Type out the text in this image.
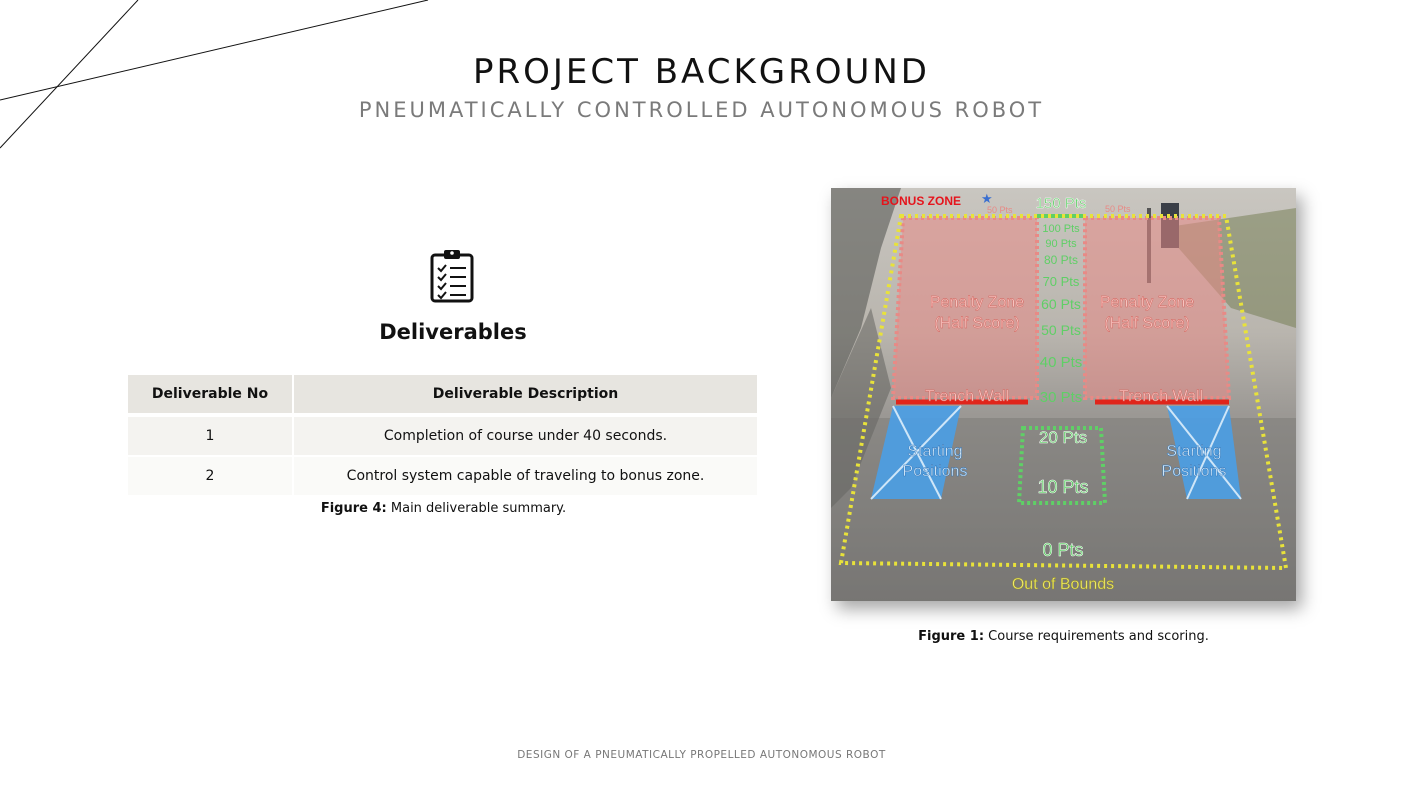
PROJECT BACKGROUND
PNEUMATICALLY CONTROLLED AUTONOMOUS ROBOT
Deliverables
Deliverable No	Deliverable Description
1	Completion of course under 40 seconds.
2	Control system capable of traveling to bonus zone.
Figure 4: Main deliverable summary.
BONUS ZONE ★
50 Pts	50 Pts
150 Pts
100 Pts
90 Pts
80 Pts
70 Pts
60 Pts
50 Pts
40 Pts
30 Pts
20 Pts
10 Pts
0 Pts
Penalty Zone
(Half Score)
Penalty Zone
(Half Score)
Trench Wall	Trench Wall
Starting
Positions
Starting
Positions
Out of Bounds
Figure 1: Course requirements and scoring.
DESIGN OF A PNEUMATICALLY PROPELLED AUTONOMOUS ROBOT
